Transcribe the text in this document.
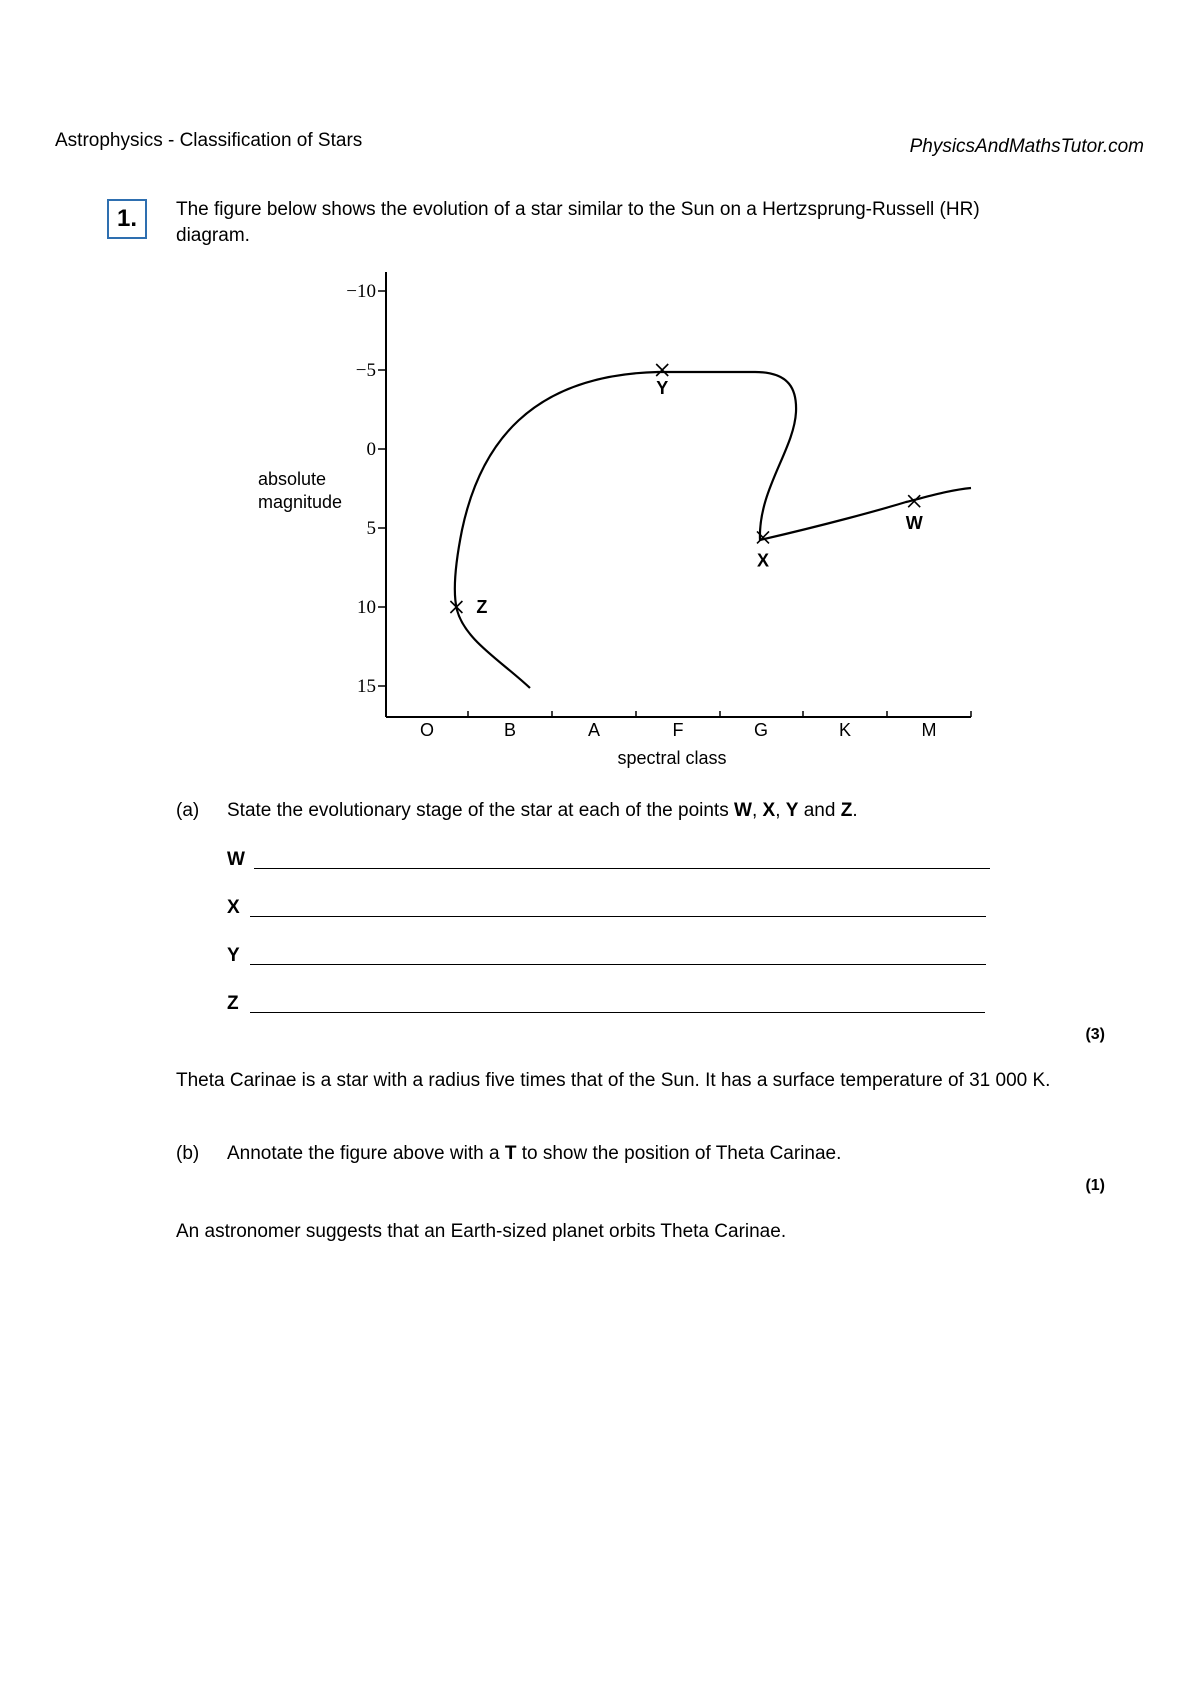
Astrophysics - Classification of Stars	PhysicsAndMathsTutor.com
1. The figure below shows the evolution of a star similar to the Sun on a Hertzsprung-Russell (HR) diagram.
−10
−5
0
5
10
15
O	B	A	F	G	K	M
absolute
magnitude
spectral class
Z
Y
X
W
(a) State the evolutionary stage of the star at each of the points W, X, Y and Z.
W
X
Y
Z
(3)
Theta Carinae is a star with a radius five times that of the Sun. It has a surface temperature of 31 000 K.
(b) Annotate the figure above with a T to show the position of Theta Carinae.
(1)
An astronomer suggests that an Earth-sized planet orbits Theta Carinae.
